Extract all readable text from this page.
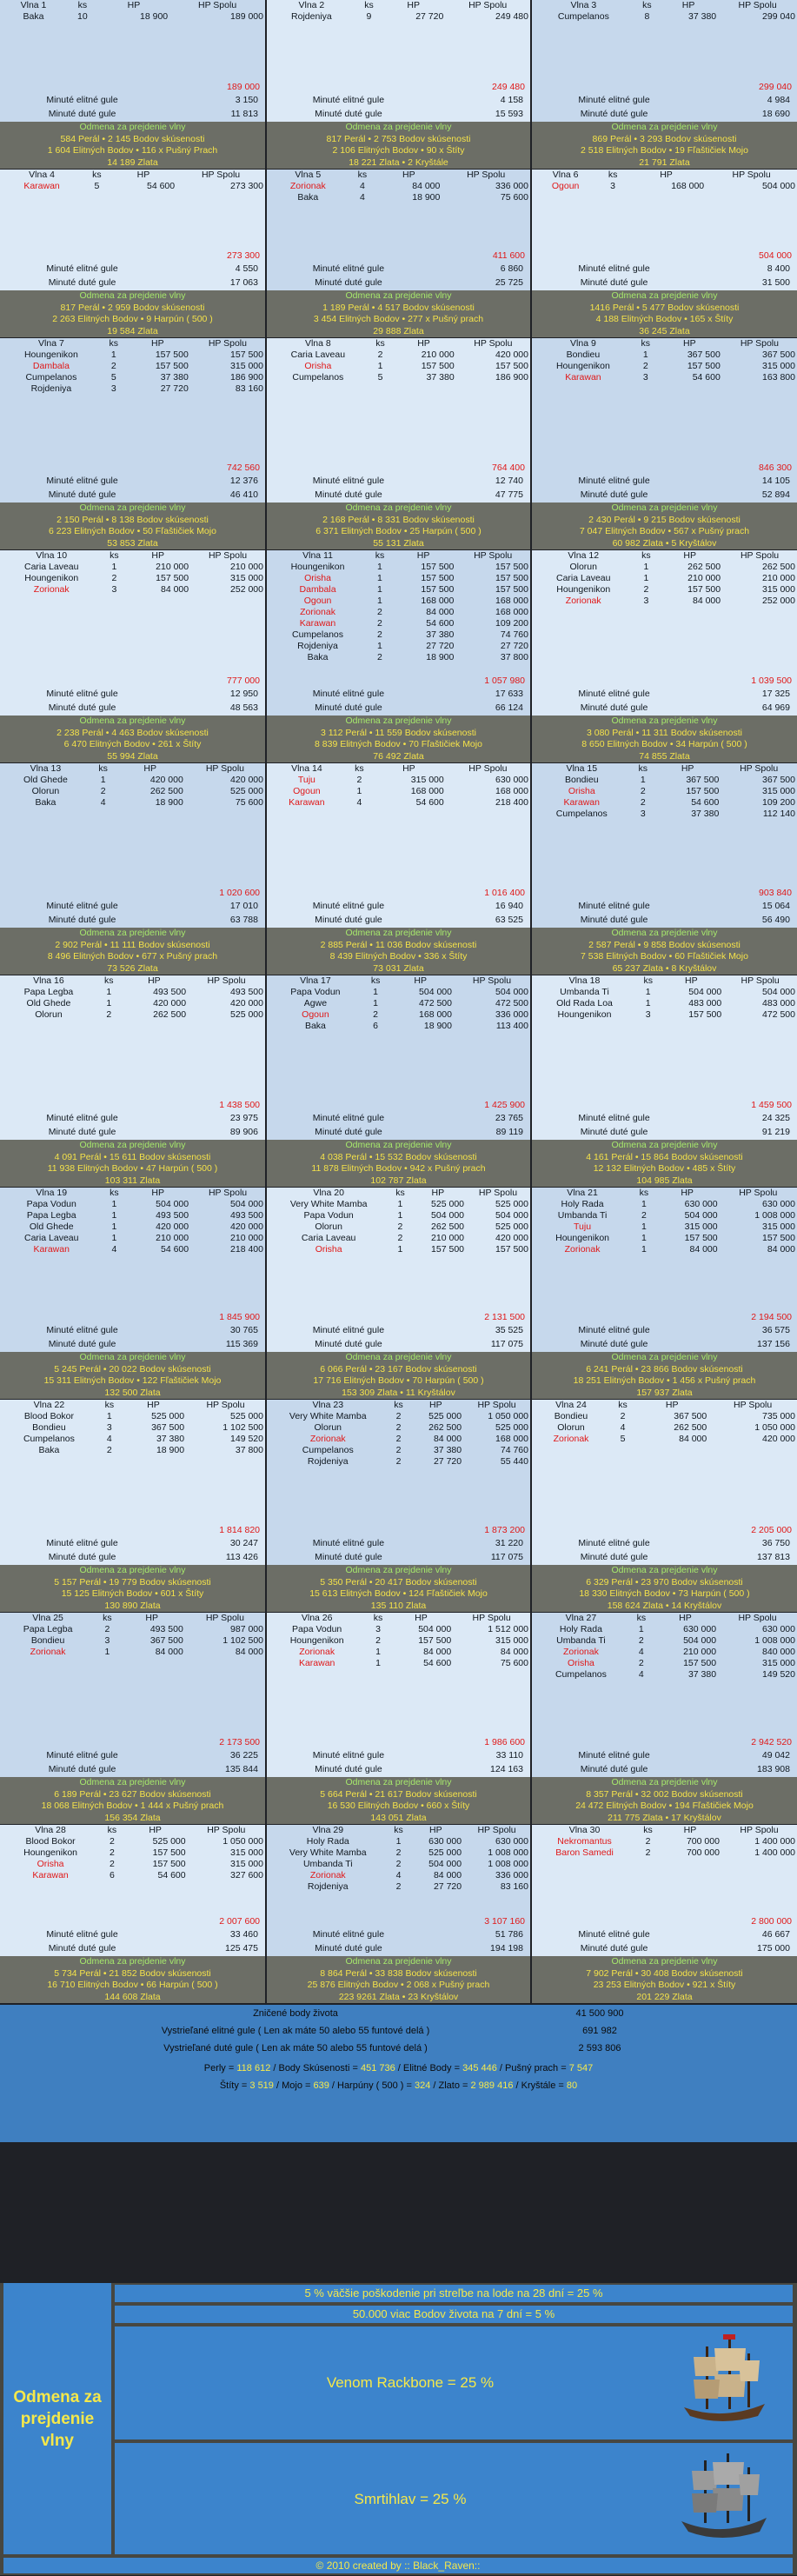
Vlna 1	ks	HP	HP Spolu
Baka	10	18 900	189 000
189 000
Minuté elitné gule	3 150
Minuté duté gule	11 813
Odmena za prejdenie vlny
584 Perál • 2 145 Bodov skúsenosti
1 604 Elitných Bodov • 116 x Pušný Prach
14 189 Zlata
Vlna 2	ks	HP	HP Spolu
Rojdeniya	9	27 720	249 480
249 480
Minuté elitné gule	4 158
Minuté duté gule	15 593
Odmena za prejdenie vlny
817 Perál • 2 753 Bodov skúsenosti
2 106 Elitných Bodov • 90 x Štíty
18 221 Zlata • 2 Kryštále
Vlna 3	ks	HP	HP Spolu
Cumpelanos	8	37 380	299 040
299 040
Minuté elitné gule	4 984
Minuté duté gule	18 690
Odmena za prejdenie vlny
869 Perál • 3 293 Bodov skúsenosti
2 518 Elitných Bodov • 19 Fľaštičiek Mojo
21 791 Zlata
Vlna 4	ks	HP	HP Spolu
Karawan	5	54 600	273 300
273 300
Minuté elitné gule	4 550
Minuté duté gule	17 063
Odmena za prejdenie vlny
817 Perál • 2 959 Bodov skúsenosti
2 263 Elitných Bodov • 9 Harpún ( 500 )
19 584 Zlata
Vlna 5	ks	HP	HP Spolu
Zorionak	4	84 000	336 000
Baka	4	18 900	75 600
411 600
Minuté elitné gule	6 860
Minuté duté gule	25 725
Odmena za prejdenie vlny
1 189 Perál • 4 517 Bodov skúsenosti
3 454 Elitných Bodov • 277 x Pušný prach
29 888 Zlata
Vlna 6	ks	HP	HP Spolu
Ogoun	3	168 000	504 000
504 000
Minuté elitné gule	8 400
Minuté duté gule	31 500
Odmena za prejdenie vlny
1416 Perál • 5 477 Bodov skúsenosti
4 188 Elitných Bodov • 165 x Štíty
36 245 Zlata
Vlna 7	ks	HP	HP Spolu
Houngenikon	1	157 500	157 500
Dambala	2	157 500	315 000
Cumpelanos	5	37 380	186 900
Rojdeniya	3	27 720	83 160
742 560
Minuté elitné gule	12 376
Minuté duté gule	46 410
Odmena za prejdenie vlny
2 150 Perál • 8 138 Bodov skúsenosti
6 223 Elitných Bodov • 50 Fľaštičiek Mojo
53 853 Zlata
Vlna 8	ks	HP	HP Spolu
Caria Laveau	2	210 000	420 000
Orisha	1	157 500	157 500
Cumpelanos	5	37 380	186 900
764 400
Minuté elitné gule	12 740
Minuté duté gule	47 775
Odmena za prejdenie vlny
2 168 Perál • 8 331 Bodov skúsenosti
6 371 Elitných Bodov • 25 Harpún ( 500 )
55 131 Zlata
Vlna 9	ks	HP	HP Spolu
Bondieu	1	367 500	367 500
Houngenikon	2	157 500	315 000
Karawan	3	54 600	163 800
846 300
Minuté elitné gule	14 105
Minuté duté gule	52 894
Odmena za prejdenie vlny
2 430 Perál • 9 215 Bodov skúsenosti
7 047 Elitných Bodov • 567 x Pušný prach
60 982 Zlata • 5 Kryštálov
Vlna 10	ks	HP	HP Spolu
Caria Laveau	1	210 000	210 000
Houngenikon	2	157 500	315 000
Zorionak	3	84 000	252 000
777 000
Minuté elitné gule	12 950
Minuté duté gule	48 563
Odmena za prejdenie vlny
2 238 Perál • 4 463 Bodov skúsenosti
6 470 Elitných Bodov • 261 x Štíty
55 994 Zlata
Vlna 11	ks	HP	HP Spolu
Houngenikon	1	157 500	157 500
Orisha	1	157 500	157 500
Dambala	1	157 500	157 500
Ogoun	1	168 000	168 000
Zorionak	2	84 000	168 000
Karawan	2	54 600	109 200
Cumpelanos	2	37 380	74 760
Rojdeniya	1	27 720	27 720
Baka	2	18 900	37 800
1 057 980
Minuté elitné gule	17 633
Minuté duté gule	66 124
Odmena za prejdenie vlny
3 112 Perál • 11 559 Bodov skúsenosti
8 839 Elitných Bodov • 70 Fľaštičiek Mojo
76 492 Zlata
Vlna 12	ks	HP	HP Spolu
Olorun	1	262 500	262 500
Caria Laveau	1	210 000	210 000
Houngenikon	2	157 500	315 000
Zorionak	3	84 000	252 000
1 039 500
Minuté elitné gule	17 325
Minuté duté gule	64 969
Odmena za prejdenie vlny
3 080 Perál • 11 311 Bodov skúsenosti
8 650 Elitných Bodov • 34 Harpún ( 500 )
74 855 Zlata
Vlna 13	ks	HP	HP Spolu
Old Ghede	1	420 000	420 000
Olorun	2	262 500	525 000
Baka	4	18 900	75 600
1 020 600
Minuté elitné gule	17 010
Minuté duté gule	63 788
Odmena za prejdenie vlny
2 902 Perál • 11 111 Bodov skúsenosti
8 496 Elitných Bodov • 677 x Pušný prach
73 526 Zlata
Vlna 14	ks	HP	HP Spolu
Tuju	2	315 000	630 000
Ogoun	1	168 000	168 000
Karawan	4	54 600	218 400
1 016 400
Minuté elitné gule	16 940
Minuté duté gule	63 525
Odmena za prejdenie vlny
2 885 Perál • 11 036 Bodov skúsenosti
8 439 Elitných Bodov • 336 x Štíty
73 031 Zlata
Vlna 15	ks	HP	HP Spolu
Bondieu	1	367 500	367 500
Orisha	2	157 500	315 000
Karawan	2	54 600	109 200
Cumpelanos	3	37 380	112 140
903 840
Minuté elitné gule	15 064
Minuté duté gule	56 490
Odmena za prejdenie vlny
2 587 Perál • 9 858 Bodov skúsenosti
7 538 Elitných Bodov • 60 Fľaštičiek Mojo
65 237 Zlata • 8 Kryštálov
Vlna 16	ks	HP	HP Spolu
Papa Legba	1	493 500	493 500
Old Ghede	1	420 000	420 000
Olorun	2	262 500	525 000
1 438 500
Minuté elitné gule	23 975
Minuté duté gule	89 906
Odmena za prejdenie vlny
4 091 Perál • 15 611 Bodov skúsenosti
11 938 Elitných Bodov • 47 Harpún ( 500 )
103 311 Zlata
Vlna 17	ks	HP	HP Spolu
Papa Vodun	1	504 000	504 000
Agwe	1	472 500	472 500
Ogoun	2	168 000	336 000
Baka	6	18 900	113 400
1 425 900
Minuté elitné gule	23 765
Minuté duté gule	89 119
Odmena za prejdenie vlny
4 038 Perál • 15 532 Bodov skúsenosti
11 878 Elitných Bodov • 942 x Pušný prach
102 787 Zlata
Vlna 18	ks	HP	HP Spolu
Umbanda Ti	1	504 000	504 000
Old Rada Loa	1	483 000	483 000
Houngenikon	3	157 500	472 500
1 459 500
Minuté elitné gule	24 325
Minuté duté gule	91 219
Odmena za prejdenie vlny
4 161 Perál • 15 864 Bodov skúsenosti
12 132 Elitných Bodov • 485 x Štíty
104 985 Zlata
Vlna 19	ks	HP	HP Spolu
Papa Vodun	1	504 000	504 000
Papa Legba	1	493 500	493 500
Old Ghede	1	420 000	420 000
Caria Laveau	1	210 000	210 000
Karawan	4	54 600	218 400
1 845 900
Minuté elitné gule	30 765
Minuté duté gule	115 369
Odmena za prejdenie vlny
5 245 Perál • 20 022 Bodov skúsenosti
15 311 Elitných Bodov • 122 Fľaštičiek Mojo
132 500 Zlata
Vlna 20	ks	HP	HP Spolu
Very White Mamba	1	525 000	525 000
Papa Vodun	1	504 000	504 000
Olorun	2	262 500	525 000
Caria Laveau	2	210 000	420 000
Orisha	1	157 500	157 500
2 131 500
Minuté elitné gule	35 525
Minuté duté gule	117 075
Odmena za prejdenie vlny
6 066 Perál • 23 167 Bodov skúsenosti
17 716 Elitných Bodov • 70 Harpún ( 500 )
153 309 Zlata • 11 Kryštálov
Vlna 21	ks	HP	HP Spolu
Holy Rada	1	630 000	630 000
Umbanda Ti	2	504 000	1 008 000
Tuju	1	315 000	315 000
Houngenikon	1	157 500	157 500
Zorionak	1	84 000	84 000
2 194 500
Minuté elitné gule	36 575
Minuté duté gule	137 156
Odmena za prejdenie vlny
6 241 Perál • 23 866 Bodov skúsenosti
18 251 Elitných Bodov • 1 456 x Pušný prach
157 937 Zlata
Vlna 22	ks	HP	HP Spolu
Blood Bokor	1	525 000	525 000
Bondieu	3	367 500	1 102 500
Cumpelanos	4	37 380	149 520
Baka	2	18 900	37 800
1 814 820
Minuté elitné gule	30 247
Minuté duté gule	113 426
Odmena za prejdenie vlny
5 157 Perál • 19 779 Bodov skúsenosti
15 125 Elitných Bodov • 601 x Štíty
130 890 Zlata
Vlna 23	ks	HP	HP Spolu
Very White Mamba	2	525 000	1 050 000
Olorun	2	262 500	525 000
Zorionak	2	84 000	168 000
Cumpelanos	2	37 380	74 760
Rojdeniya	2	27 720	55 440
1 873 200
Minuté elitné gule	31 220
Minuté duté gule	117 075
Odmena za prejdenie vlny
5 350 Perál • 20 417 Bodov skúsenosti
15 613 Elitných Bodov • 124 Fľaštičiek Mojo
135 110 Zlata
Vlna 24	ks	HP	HP Spolu
Bondieu	2	367 500	735 000
Olorun	4	262 500	1 050 000
Zorionak	5	84 000	420 000
2 205 000
Minuté elitné gule	36 750
Minuté duté gule	137 813
Odmena za prejdenie vlny
6 329 Perál • 23 970 Bodov skúsenosti
18 330 Elitných Bodov • 73 Harpún ( 500 )
158 624 Zlata • 14 Kryštálov
Vlna 25	ks	HP	HP Spolu
Papa Legba	2	493 500	987 000
Bondieu	3	367 500	1 102 500
Zorionak	1	84 000	84 000
2 173 500
Minuté elitné gule	36 225
Minuté duté gule	135 844
Odmena za prejdenie vlny
6 189 Perál • 23 627 Bodov skúsenosti
18 068 Elitných Bodov • 1 444 x Pušný prach
156 354 Zlata
Vlna 26	ks	HP	HP Spolu
Papa Vodun	3	504 000	1 512 000
Houngenikon	2	157 500	315 000
Zorionak	1	84 000	84 000
Karawan	1	54 600	75 600
1 986 600
Minuté elitné gule	33 110
Minuté duté gule	124 163
Odmena za prejdenie vlny
5 664 Perál • 21 617 Bodov skúsenosti
16 530 Elitných Bodov • 660 x Štíty
143 051 Zlata
Vlna 27	ks	HP	HP Spolu
Holy Rada	1	630 000	630 000
Umbanda Ti	2	504 000	1 008 000
Zorionak	4	210 000	840 000
Orisha	2	157 500	315 000
Cumpelanos	4	37 380	149 520
2 942 520
Minuté elitné gule	49 042
Minuté duté gule	183 908
Odmena za prejdenie vlny
8 357 Perál • 32 002 Bodov skúsenosti
24 472 Elitných Bodov • 194 Fľaštičiek Mojo
211 775 Zlata • 17 Kryštálov
Vlna 28	ks	HP	HP Spolu
Blood Bokor	2	525 000	1 050 000
Houngenikon	2	157 500	315 000
Orisha	2	157 500	315 000
Karawan	6	54 600	327 600
2 007 600
Minuté elitné gule	33 460
Minuté duté gule	125 475
Odmena za prejdenie vlny
5 734 Perál • 21 852 Bodov skúsenosti
16 710 Elitných Bodov • 66 Harpún ( 500 )
144 608 Zlata
Vlna 29	ks	HP	HP Spolu
Holy Rada	1	630 000	630 000
Very White Mamba	2	525 000	1 008 000
Umbanda Ti	2	504 000	1 008 000
Zorionak	4	84 000	336 000
Rojdeniya	2	27 720	83 160
3 107 160
Minuté elitné gule	51 786
Minuté duté gule	194 198
Odmena za prejdenie vlny
8 864 Perál • 33 838 Bodov skúsenosti
25 876 Elitných Bodov • 2 068 x Pušný prach
223 9261 Zlata • 23 Kryštálov
Vlna 30	ks	HP	HP Spolu
Nekromantus	2	700 000	1 400 000
Baron Samedi	2	700 000	1 400 000
2 800 000
Minuté elitné gule	46 667
Minuté duté gule	175 000
Odmena za prejdenie vlny
7 902 Perál • 30 408 Bodov skúsenosti
23 253 Elitných Bodov • 921 x Štíty
201 229 Zlata
Zničené body života	41 500 900
Vystrieľané elitné gule ( Len ak máte 50 alebo 55 funtové delá )	691 982
Vystrieľané duté gule ( Len ak máte 50 alebo 55 funtové delá )	2 593 806
Perly = 118 612 / Body Skúsenosti = 451 736 / Elitné Body = 345 446 / Pušný prach = 7 547
Štíty = 3 519 / Mojo = 639 / Harpúny ( 500 ) = 324 / Zlato = 2 989 416 / Kryštále = 80
Odmena za
prejdenie
vlny
5 % väčšie poškodenie pri streľbe na lode na 28 dní = 25 %
50.000 viac Bodov života na 7 dní = 5 %
Venom Rackbone = 25 %
Smrtihlav = 25 %
© 2010 created by :: Black_Raven::
